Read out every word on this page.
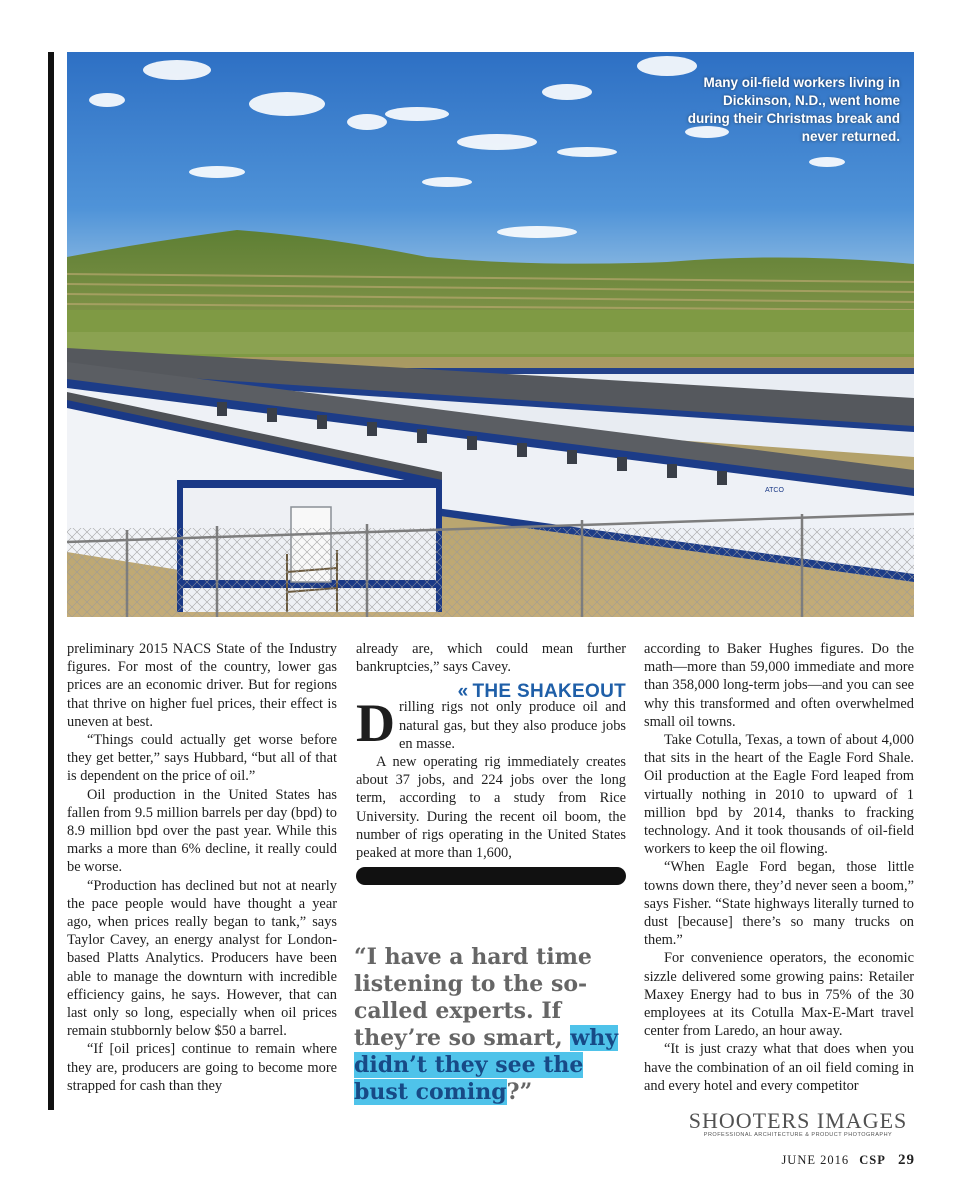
ATCO
Many oil-field workers living in Dickinson, N.D., went home during their Christmas break and never returned.

preliminary 2015 NACS State of the Industry figures. For most of the country, lower gas prices are an economic driver. But for regions that thrive on higher fuel prices, their effect is uneven at best.

“Things could actually get worse before they get better,” says Hubbard, “but all of that is dependent on the price of oil.”

Oil production in the United States has fallen from 9.5 million barrels per day (bpd) to 8.9 million bpd over the past year. While this marks a more than 6% decline, it really could be worse.

“Production has declined but not at nearly the pace people would have thought a year ago, when prices really began to tank,” says Taylor Cavey, an energy analyst for London-based Platts Analytics. Producers have been able to manage the downturn with incredible efficiency gains, he says. However, that can last only so long, especially when oil prices remain stubbornly below $50 a barrel.

“If [oil prices] continue to remain where they are, producers are going to become more strapped for cash than they

already are, which could mean further bankruptcies,” says Cavey.

« THE SHAKEOUT

Drilling rigs not only produce oil and natural gas, but they also produce jobs en masse.

A new operating rig immediately creates about 37 jobs, and 224 jobs over the long term, according to a study from Rice University. During the recent oil boom, the number of rigs operating in the United States peaked at more than 1,600,

“I have a hard time listening to the so-called experts. If they’re so smart, why didn’t they see the bust coming?”

according to Baker Hughes figures. Do the math—more than 59,000 immediate and more than 358,000 long-term jobs—and you can see why this transformed and often overwhelmed small oil towns.

Take Cotulla, Texas, a town of about 4,000 that sits in the heart of the Eagle Ford Shale. Oil production at the Eagle Ford leaped from virtually nothing in 2010 to upward of 1 million bpd by 2014, thanks to fracking technology. And it took thousands of oil-field workers to keep the oil flowing.

“When Eagle Ford began, those little towns down there, they’d never seen a boom,” says Fisher. “State highways literally turned to dust [because] there’s so many trucks on them.”

For convenience operators, the economic sizzle delivered some growing pains: Retailer Maxey Energy had to bus in 75% of the 30 employees at its Cotulla Max-E-Mart travel center from Laredo, an hour away.

“It is just crazy what that does when you have the combination of an oil field coming in and every hotel and every competitor

SHOOTERS IMAGES
PROFESSIONAL ARCHITECTURE & PRODUCT PHOTOGRAPHY
JUNE 2016 CSP 29
